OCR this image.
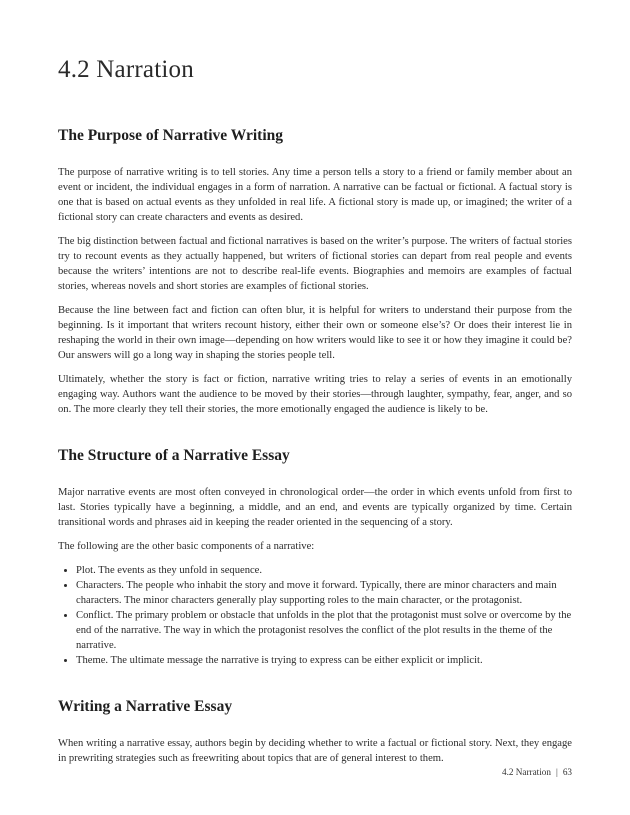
4.2 Narration
The Purpose of Narrative Writing

The purpose of narrative writing is to tell stories. Any time a person tells a story to a friend or family member about an event or incident, the individual engages in a form of narration. A narrative can be factual or fictional. A factual story is one that is based on actual events as they unfolded in real life. A fictional story is made up, or imagined; the writer of a fictional story can create characters and events as desired.

The big distinction between factual and fictional narratives is based on the writer’s purpose. The writers of factual stories try to recount events as they actually happened, but writers of fictional stories can depart from real people and events because the writers’ intentions are not to describe real-life events. Biographies and memoirs are examples of factual stories, whereas novels and short stories are examples of fictional stories.

Because the line between fact and fiction can often blur, it is helpful for writers to understand their purpose from the beginning. Is it important that writers recount history, either their own or someone else’s? Or does their interest lie in reshaping the world in their own image—depending on how writers would like to see it or how they imagine it could be? Our answers will go a long way in shaping the stories people tell.

Ultimately, whether the story is fact or fiction, narrative writing tries to relay a series of events in an emotionally engaging way. Authors want the audience to be moved by their stories—through laughter, sympathy, fear, anger, and so on. The more clearly they tell their stories, the more emotionally engaged the audience is likely to be.

The Structure of a Narrative Essay

Major narrative events are most often conveyed in chronological order—the order in which events unfold from first to last. Stories typically have a beginning, a middle, and an end, and events are typically organized by time. Certain transitional words and phrases aid in keeping the reader oriented in the sequencing of a story.

The following are the other basic components of a narrative:

• Plot. The events as they unfold in sequence.
• Characters. The people who inhabit the story and move it forward. Typically, there are minor characters and main characters. The minor characters generally play supporting roles to the main character, or the protagonist.
• Conflict. The primary problem or obstacle that unfolds in the plot that the protagonist must solve or overcome by the end of the narrative. The way in which the protagonist resolves the conflict of the plot results in the theme of the narrative.
• Theme. The ultimate message the narrative is trying to express can be either explicit or implicit.
Writing a Narrative Essay

When writing a narrative essay, authors begin by deciding whether to write a factual or fictional story. Next, they engage in prewriting strategies such as freewriting about topics that are of general interest to them.

4.2 Narration | 63
